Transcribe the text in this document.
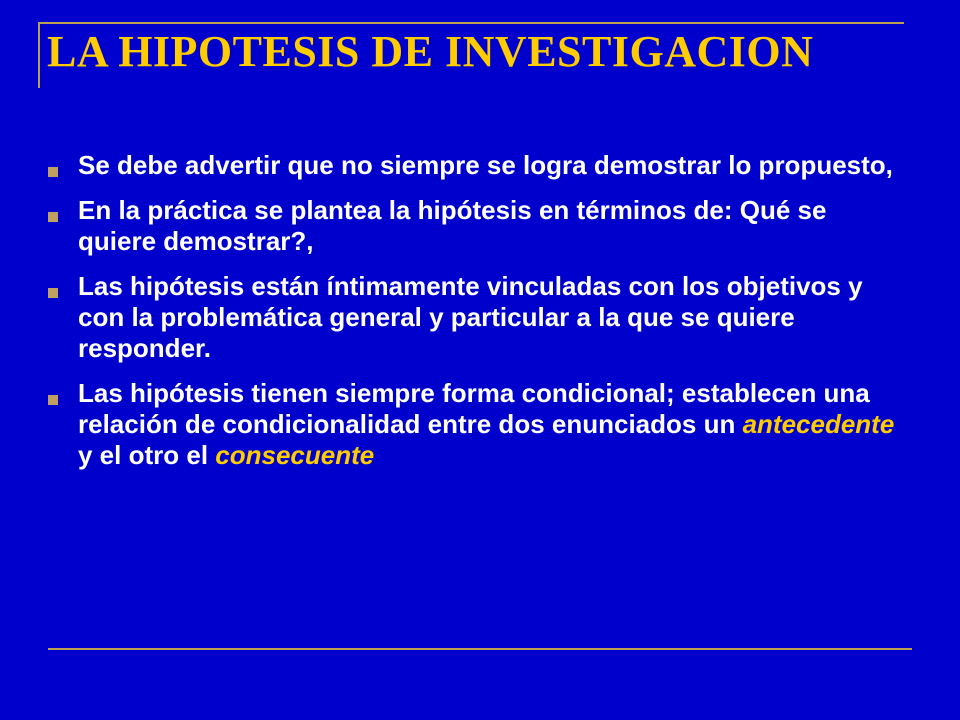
LA HIPOTESIS DE INVESTIGACION
Se debe advertir que no siempre se logra demostrar lo propuesto,
En la práctica se plantea la hipótesis en términos de: Qué se quiere demostrar?,
Las hipótesis están íntimamente vinculadas con los objetivos y con la problemática general y particular a la que se quiere responder.
Las hipótesis tienen siempre forma condicional; establecen una relación de condicionalidad entre dos enunciados un antecedente y el otro el consecuente
